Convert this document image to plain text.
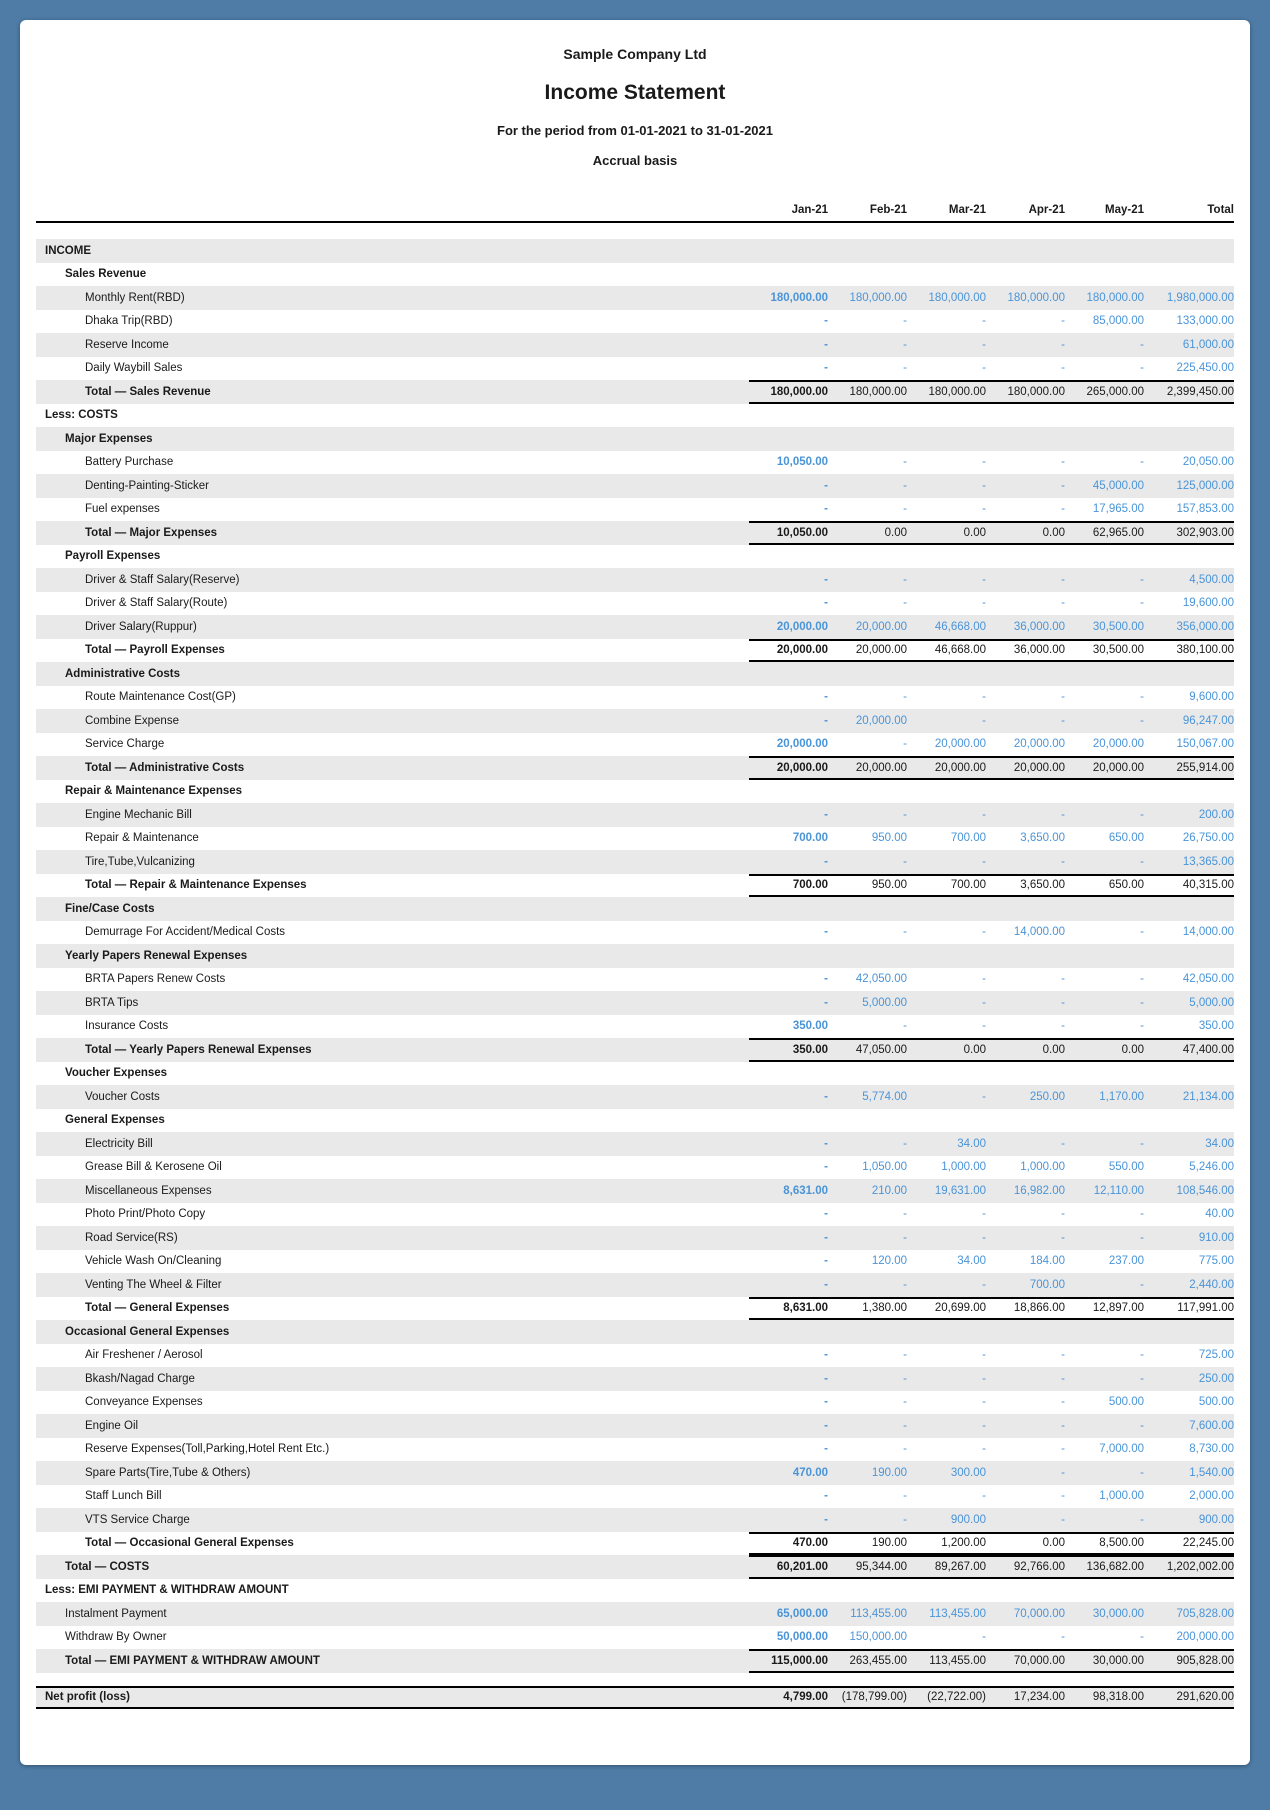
Sample Company Ltd
Income Statement
For the period from 01-01-2021 to 31-01-2021
Accrual basis
Jan-21	Feb-21	Mar-21	Apr-21	May-21	Total
INCOME
Sales Revenue
Monthly Rent(RBD)	180,000.00	180,000.00	180,000.00	180,000.00	180,000.00	1,980,000.00
Dhaka Trip(RBD)	-	-	-	-	85,000.00	133,000.00
Reserve Income	-	-	-	-	-	61,000.00
Daily Waybill Sales	-	-	-	-	-	225,450.00
Total — Sales Revenue	180,000.00	180,000.00	180,000.00	180,000.00	265,000.00	2,399,450.00
Less: COSTS
Major Expenses
Battery Purchase	10,050.00	-	-	-	-	20,050.00
Denting-Painting-Sticker	-	-	-	-	45,000.00	125,000.00
Fuel expenses	-	-	-	-	17,965.00	157,853.00
Total — Major Expenses	10,050.00	0.00	0.00	0.00	62,965.00	302,903.00
Payroll Expenses
Driver & Staff Salary(Reserve)	-	-	-	-	-	4,500.00
Driver & Staff Salary(Route)	-	-	-	-	-	19,600.00
Driver Salary(Ruppur)	20,000.00	20,000.00	46,668.00	36,000.00	30,500.00	356,000.00
Total — Payroll Expenses	20,000.00	20,000.00	46,668.00	36,000.00	30,500.00	380,100.00
Administrative Costs
Route Maintenance Cost(GP)	-	-	-	-	-	9,600.00
Combine Expense	-	20,000.00	-	-	-	96,247.00
Service Charge	20,000.00	-	20,000.00	20,000.00	20,000.00	150,067.00
Total — Administrative Costs	20,000.00	20,000.00	20,000.00	20,000.00	20,000.00	255,914.00
Repair & Maintenance Expenses
Engine Mechanic Bill	-	-	-	-	-	200.00
Repair & Maintenance	700.00	950.00	700.00	3,650.00	650.00	26,750.00
Tire,Tube,Vulcanizing	-	-	-	-	-	13,365.00
Total — Repair & Maintenance Expenses	700.00	950.00	700.00	3,650.00	650.00	40,315.00
Fine/Case Costs
Demurrage For Accident/Medical Costs	-	-	-	14,000.00	-	14,000.00
Yearly Papers Renewal Expenses
BRTA Papers Renew Costs	-	42,050.00	-	-	-	42,050.00
BRTA Tips	-	5,000.00	-	-	-	5,000.00
Insurance Costs	350.00	-	-	-	-	350.00
Total — Yearly Papers Renewal Expenses	350.00	47,050.00	0.00	0.00	0.00	47,400.00
Voucher Expenses
Voucher Costs	-	5,774.00	-	250.00	1,170.00	21,134.00
General Expenses
Electricity Bill	-	-	34.00	-	-	34.00
Grease Bill & Kerosene Oil	-	1,050.00	1,000.00	1,000.00	550.00	5,246.00
Miscellaneous Expenses	8,631.00	210.00	19,631.00	16,982.00	12,110.00	108,546.00
Photo Print/Photo Copy	-	-	-	-	-	40.00
Road Service(RS)	-	-	-	-	-	910.00
Vehicle Wash On/Cleaning	-	120.00	34.00	184.00	237.00	775.00
Venting The Wheel & Filter	-	-	-	700.00	-	2,440.00
Total — General Expenses	8,631.00	1,380.00	20,699.00	18,866.00	12,897.00	117,991.00
Occasional General Expenses
Air Freshener / Aerosol	-	-	-	-	-	725.00
Bkash/Nagad Charge	-	-	-	-	-	250.00
Conveyance Expenses	-	-	-	-	500.00	500.00
Engine Oil	-	-	-	-	-	7,600.00
Reserve Expenses(Toll,Parking,Hotel Rent Etc.)	-	-	-	-	7,000.00	8,730.00
Spare Parts(Tire,Tube & Others)	470.00	190.00	300.00	-	-	1,540.00
Staff Lunch Bill	-	-	-	-	1,000.00	2,000.00
VTS Service Charge	-	-	900.00	-	-	900.00
Total — Occasional General Expenses	470.00	190.00	1,200.00	0.00	8,500.00	22,245.00
Total — COSTS	60,201.00	95,344.00	89,267.00	92,766.00	136,682.00	1,202,002.00
Less: EMI PAYMENT & WITHDRAW AMOUNT
Instalment Payment	65,000.00	113,455.00	113,455.00	70,000.00	30,000.00	705,828.00
Withdraw By Owner	50,000.00	150,000.00	-	-	-	200,000.00
Total — EMI PAYMENT & WITHDRAW AMOUNT	115,000.00	263,455.00	113,455.00	70,000.00	30,000.00	905,828.00
Net profit (loss)	4,799.00	(178,799.00)	(22,722.00)	17,234.00	98,318.00	291,620.00
